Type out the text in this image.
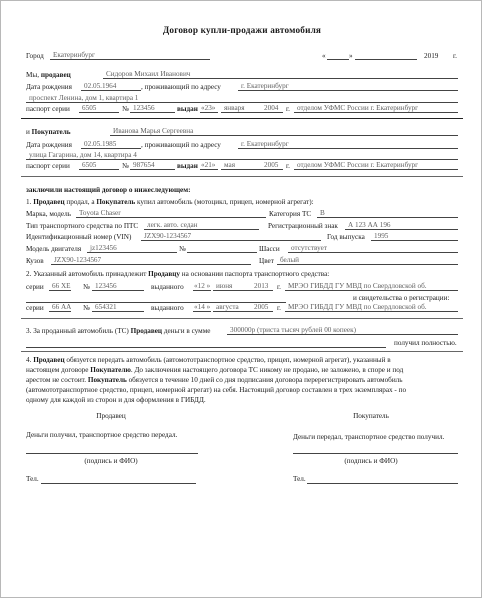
Договор купли-продажи автомобиля
Город	Екатеринбург	«	»	2019 г.
Мы, продавец	Сидоров Михаил Иванович
Дата рождения	02.05.1964	, проживающий по адресу	г. Екатеринбург
проспект Ленина, дом 1, квартира 1
паспорт серии	6505	№ 123456	выдан «23»	января	2004	г. отделом УФМС России г. Екатеринбург
и Покупатель	Иванова Марья Сергеевна
Дата рождения	02.05.1985	, проживающий по адресу	г. Екатеринбург
улица Гагарина, дом 14, квартира 4
паспорт серии	6505	№ 987654	выдан «21»	мая	2005	г. отделом УФМС России г. Екатеринбург
заключили настоящий договор о нижеследующем:
1. Продавец продал, а Покупатель купил автомобиль (мотоцикл, прицеп, номерной агрегат):
Марка, модель	Toyota Chaser	Категория ТС	B
Тип транспортного средства по ПТС	легк. авто. седан	Регистрационный знак	А 123 АА 196
Идентификационный номер (VIN)	JZX90-1234567	Год выпуска	1995
Модель двигателя	jz123456	№	Шасси	отсутствует
Кузов	JZX90-1234567	Цвет белый
2. Указанный автомобиль принадлежит Продавцу на основании паспорта транспортного средства:
серии	66 ХЕ № 123456	выданного «12 » июня	2013	г. МРЭО ГИБДД ГУ МВД по Свердловской об.
и свидетельства о регистрации:
серии	66 АА № 654321	выданного «14 » августа	2005	г. МРЭО ГИБДД ГУ МВД по Свердловской об.
3. За проданный автомобиль (ТС) Продавец деньги в сумме	300000р (триста тысяч рублей 00 копеек)
получил полностью.
4. Продавец обязуется передать автомобиль (автомототранспортное средство, прицеп, номерной агрегат), указанный в
настоящем договоре Покупателю. До заключения настоящего договора ТС никому не продано, не заложено, в споре и под
арестом не состоит. Покупатель обязуется в течение 10 дней со дня подписания договора перерегистрировать автомобиль
(автомототранспортное средство, прицеп, номерной агрегат) на себя. Настоящий договор составлен в трех экземплярах - по
одному для каждой из сторон и для оформления в ГИБДД.
Продавец	Покупатель
Деньги получил, транспортное средство передал.	Деньги передал, транспортное средство получил.
(подпись и ФИО)	(подпись и ФИО)
Тел.	Тел.
